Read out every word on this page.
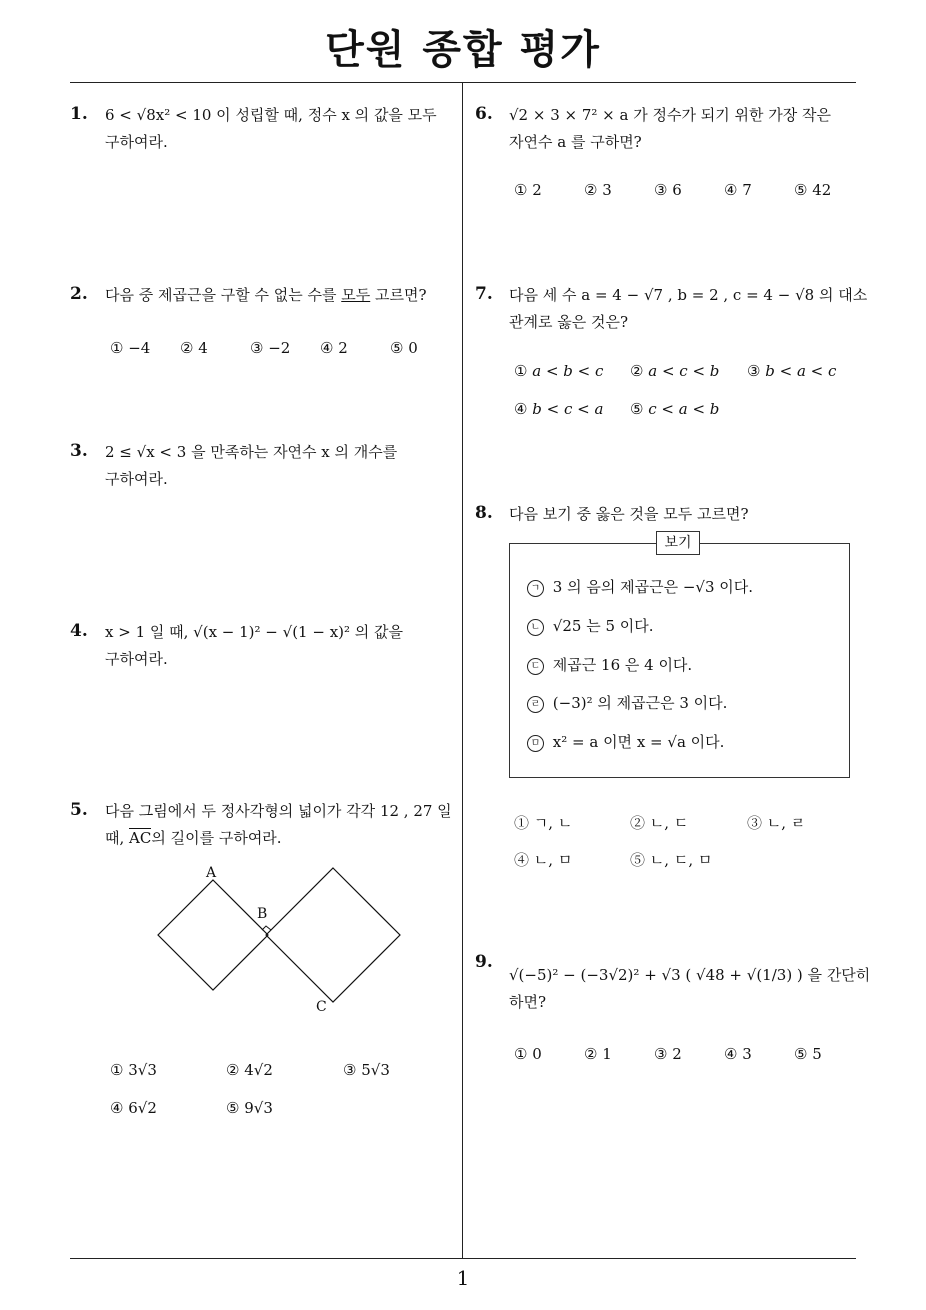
단원 종합 평가
1
1. 6 < √8x² < 10 이 성립할 때, 정수 x 의 값을 모두
구하여라.
2. 다음 중 제곱근을 구할 수 없는 수를 모두 고르면?
① −4 ② 4	③ −2 ④ 2	⑤ 0
3. 2 ≤ √x < 3 을 만족하는 자연수 x 의 개수를
구하여라.
4. x > 1 일 때, √(x − 1)² − √(1 − x)² 의 값을
구하여라.
5. 다음 그림에서 두 정사각형의 넓이가 각각 12 , 27 일
때, AC의 길이를 구하여라.
A
B
C
① 3√3	② 4√2	③ 5√3
④ 6√2	⑤ 9√3
6. √2 × 3 × 7² × a 가 정수가 되기 위한 가장 작은
자연수 a 를 구하면?
① 2	② 3	③ 6	④ 7	⑤ 42
7. 다음 세 수 a = 4 − √7 , b = 2 , c = 4 − √8 의 대소
관계로 옳은 것은?
① a < b < c ② a < c < b ③ b < a < c
④ b < c < a ⑤ c < a < b
8. 다음 보기 중 옳은 것을 모두 고르면?
보기
ㄱ 3 의 음의 제곱근은 −√3 이다.
ㄴ √25 는 5 이다.
ㄷ 제곱근 16 은 4 이다.
ㄹ (−3)² 의 제곱근은 3 이다.
ㅁ x² = a 이면 x = √a 이다.
① ㄱ, ㄴ	② ㄴ, ㄷ	③ ㄴ, ㄹ
④ ㄴ, ㅁ	⑤ ㄴ, ㄷ, ㅁ
9.
√(−5)² − (−3√2)² + √3 ( √48 + √(1/3) ) 을 간단히
하면?
① 0	② 1	③ 2	④ 3	⑤ 5
